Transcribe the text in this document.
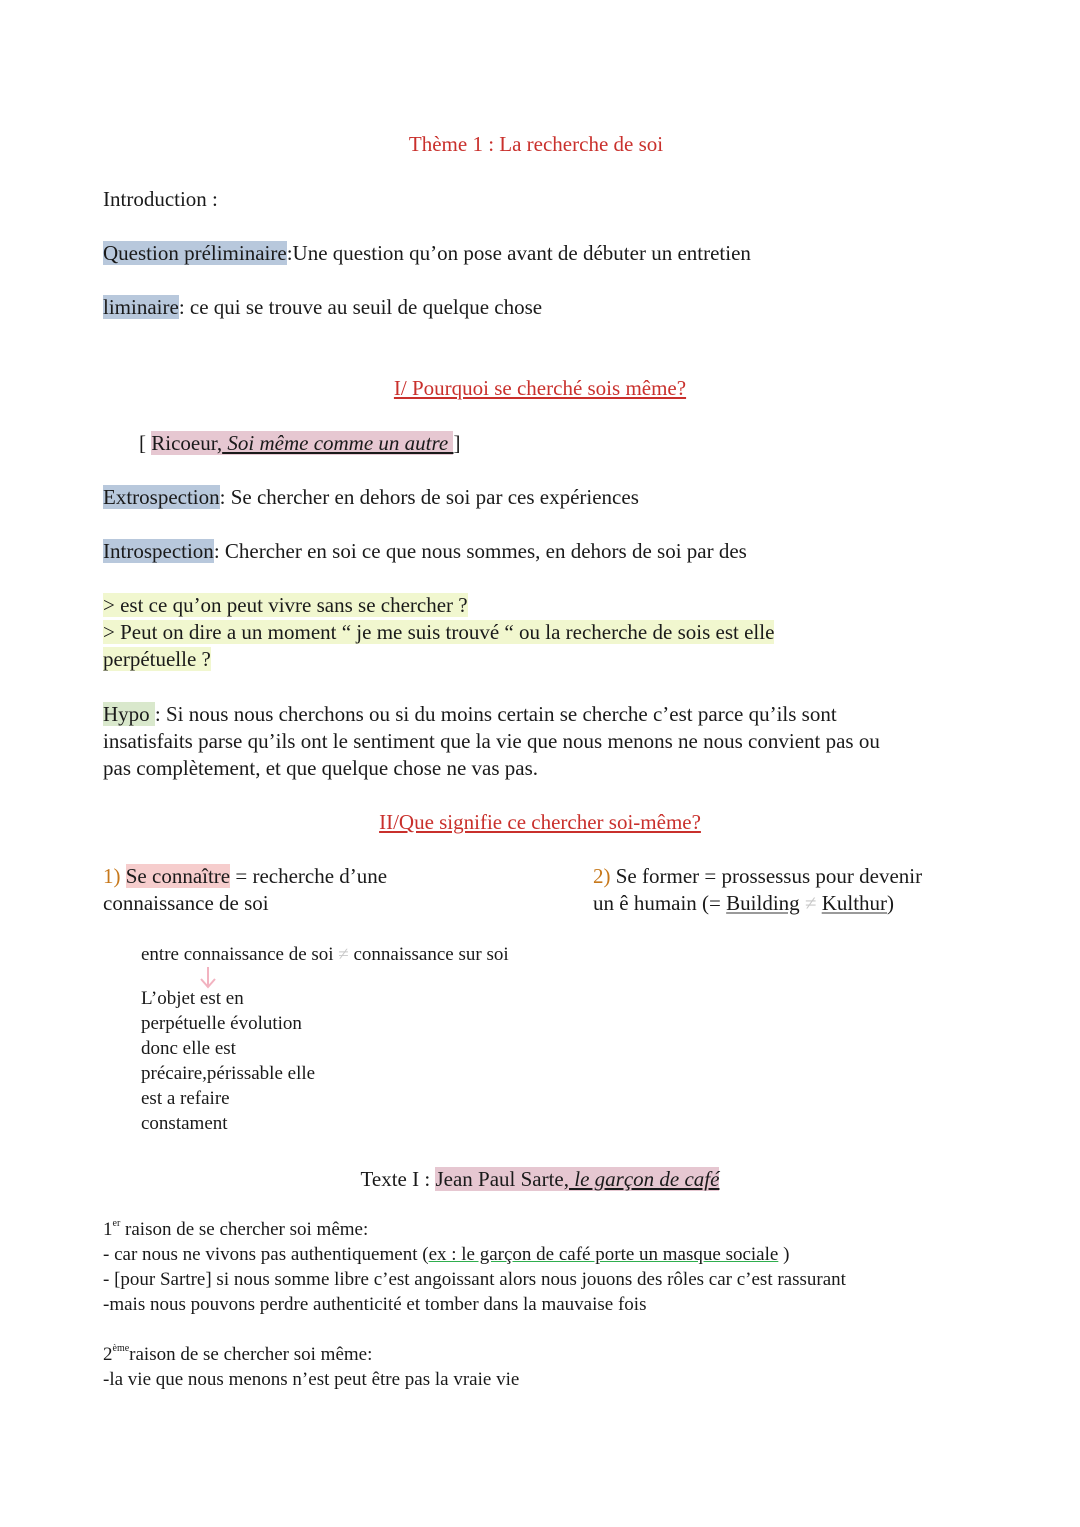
Thème 1 : La recherche de soi
Introduction :
Question préliminaire:Une question qu’on pose avant de débuter un entretien
liminaire: ce qui se trouve au seuil de quelque chose
I/ Pourquoi se cherché sois même?
[ Ricoeur, Soi même comme un autre ]
Extrospection: Se chercher en dehors de soi par ces expériences
Introspection: Chercher en soi ce que nous sommes, en dehors de soi par des
> est ce qu’on peut vivre sans se chercher ?
> Peut on dire a un moment “ je me suis trouvé “ ou la recherche de sois est elle
perpétuelle ?
Hypo : Si nous nous cherchons ou si du moins certain se cherche c’est parce qu’ils sont
insatisfaits parse qu’ils ont le sentiment que la vie que nous menons ne nous convient pas ou
pas complètement, et que quelque chose ne vas pas.
II/Que signifie ce chercher soi-même?
1) Se connaître = recherche d’une
connaissance de soi
2) Se former = prossessus pour devenir
un ê humain (= Building ≠ Kulthur)
entre connaissance de soi ≠ connaissance sur soi
L’objet est en
perpétuelle évolution
donc elle est
précaire,périssable elle
est a refaire
constament
Texte I : Jean Paul Sarte, le garçon de café
1er raison de se chercher soi même:
- car nous ne vivons pas authentiquement (ex : le garçon de café porte un masque sociale )
- [pour Sartre] si nous somme libre c’est angoissant alors nous jouons des rôles car c’est rassurant
-mais nous pouvons perdre authenticité et tomber dans la mauvaise fois
2èmeraison de se chercher soi même:
-la vie que nous menons n’est peut être pas la vraie vie
